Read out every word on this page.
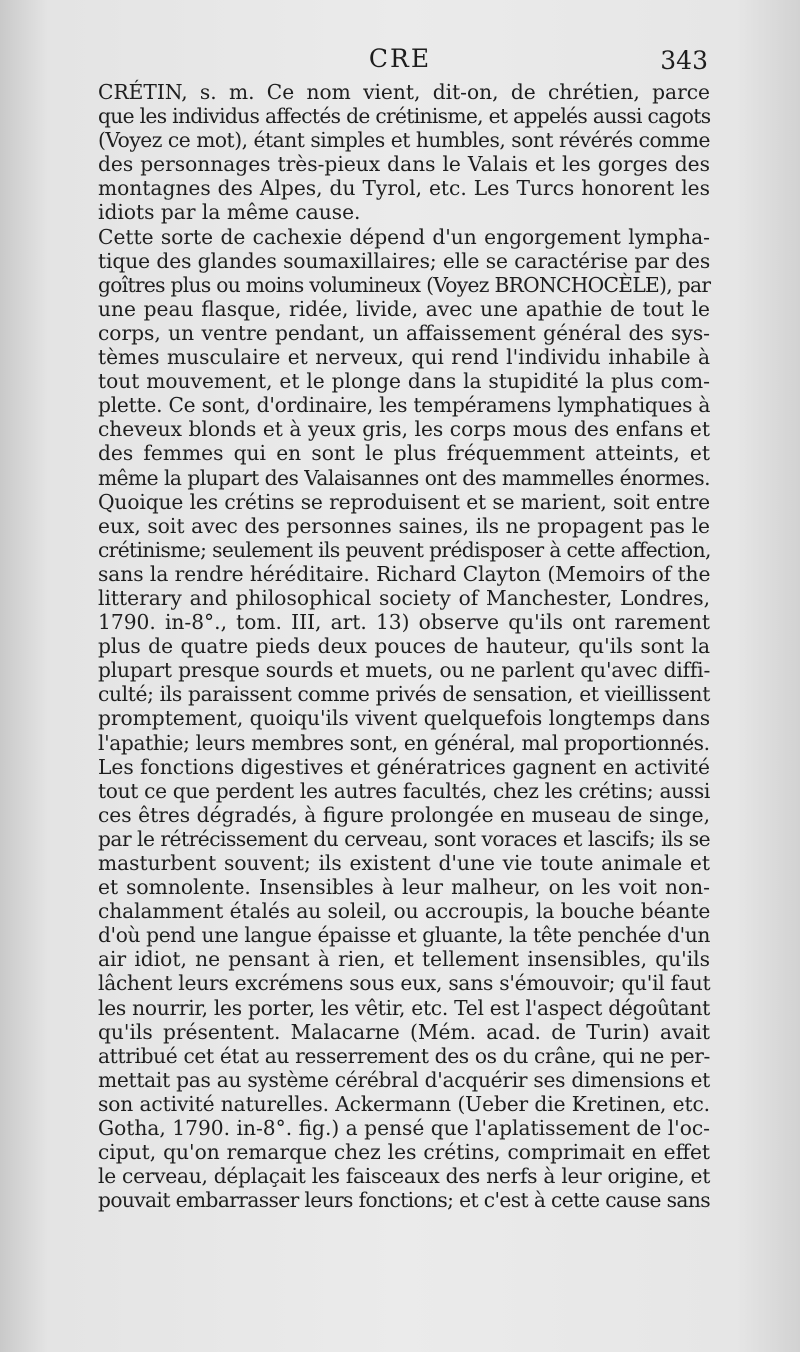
CRE	343
CRÉTIN, s. m. Ce nom vient, dit-on, de chrétien, parce
que les individus affectés de crétinisme, et appelés aussi cagots
(Voyez ce mot), étant simples et humbles, sont révérés comme
des personnages très-pieux dans le Valais et les gorges des
montagnes des Alpes, du Tyrol, etc. Les Turcs honorent les
idiots par la même cause.
Cette sorte de cachexie dépend d'un engorgement lympha-
tique des glandes soumaxillaires; elle se caractérise par des
goîtres plus ou moins volumineux (Voyez BRONCHOCÈLE), par
une peau flasque, ridée, livide, avec une apathie de tout le
corps, un ventre pendant, un affaissement général des sys-
tèmes musculaire et nerveux, qui rend l'individu inhabile à
tout mouvement, et le plonge dans la stupidité la plus com-
plette. Ce sont, d'ordinaire, les tempéramens lymphatiques à
cheveux blonds et à yeux gris, les corps mous des enfans et
des femmes qui en sont le plus fréquemment atteints, et
même la plupart des Valaisannes ont des mammelles énormes.
Quoique les crétins se reproduisent et se marient, soit entre
eux, soit avec des personnes saines, ils ne propagent pas le
crétinisme; seulement ils peuvent prédisposer à cette affection,
sans la rendre héréditaire. Richard Clayton (Memoirs of the
litterary and philosophical society of Manchester, Londres,
1790. in-8°., tom. III, art. 13) observe qu'ils ont rarement
plus de quatre pieds deux pouces de hauteur, qu'ils sont la
plupart presque sourds et muets, ou ne parlent qu'avec diffi-
culté; ils paraissent comme privés de sensation, et vieillissent
promptement, quoiqu'ils vivent quelquefois longtemps dans
l'apathie; leurs membres sont, en général, mal proportionnés.
Les fonctions digestives et génératrices gagnent en activité
tout ce que perdent les autres facultés, chez les crétins; aussi
ces êtres dégradés, à figure prolongée en museau de singe,
par le rétrécissement du cerveau, sont voraces et lascifs; ils se
masturbent souvent; ils existent d'une vie toute animale et
et somnolente. Insensibles à leur malheur, on les voit non-
chalamment étalés au soleil, ou accroupis, la bouche béante
d'où pend une langue épaisse et gluante, la tête penchée d'un
air idiot, ne pensant à rien, et tellement insensibles, qu'ils
lâchent leurs excrémens sous eux, sans s'émouvoir; qu'il faut
les nourrir, les porter, les vêtir, etc. Tel est l'aspect dégoûtant
qu'ils présentent. Malacarne (Mém. acad. de Turin) avait
attribué cet état au resserrement des os du crâne, qui ne per-
mettait pas au système cérébral d'acquérir ses dimensions et
son activité naturelles. Ackermann (Ueber die Kretinen, etc.
Gotha, 1790. in-8°. fig.) a pensé que l'aplatissement de l'oc-
ciput, qu'on remarque chez les crétins, comprimait en effet
le cerveau, déplaçait les faisceaux des nerfs à leur origine, et
pouvait embarrasser leurs fonctions; et c'est à cette cause sans
